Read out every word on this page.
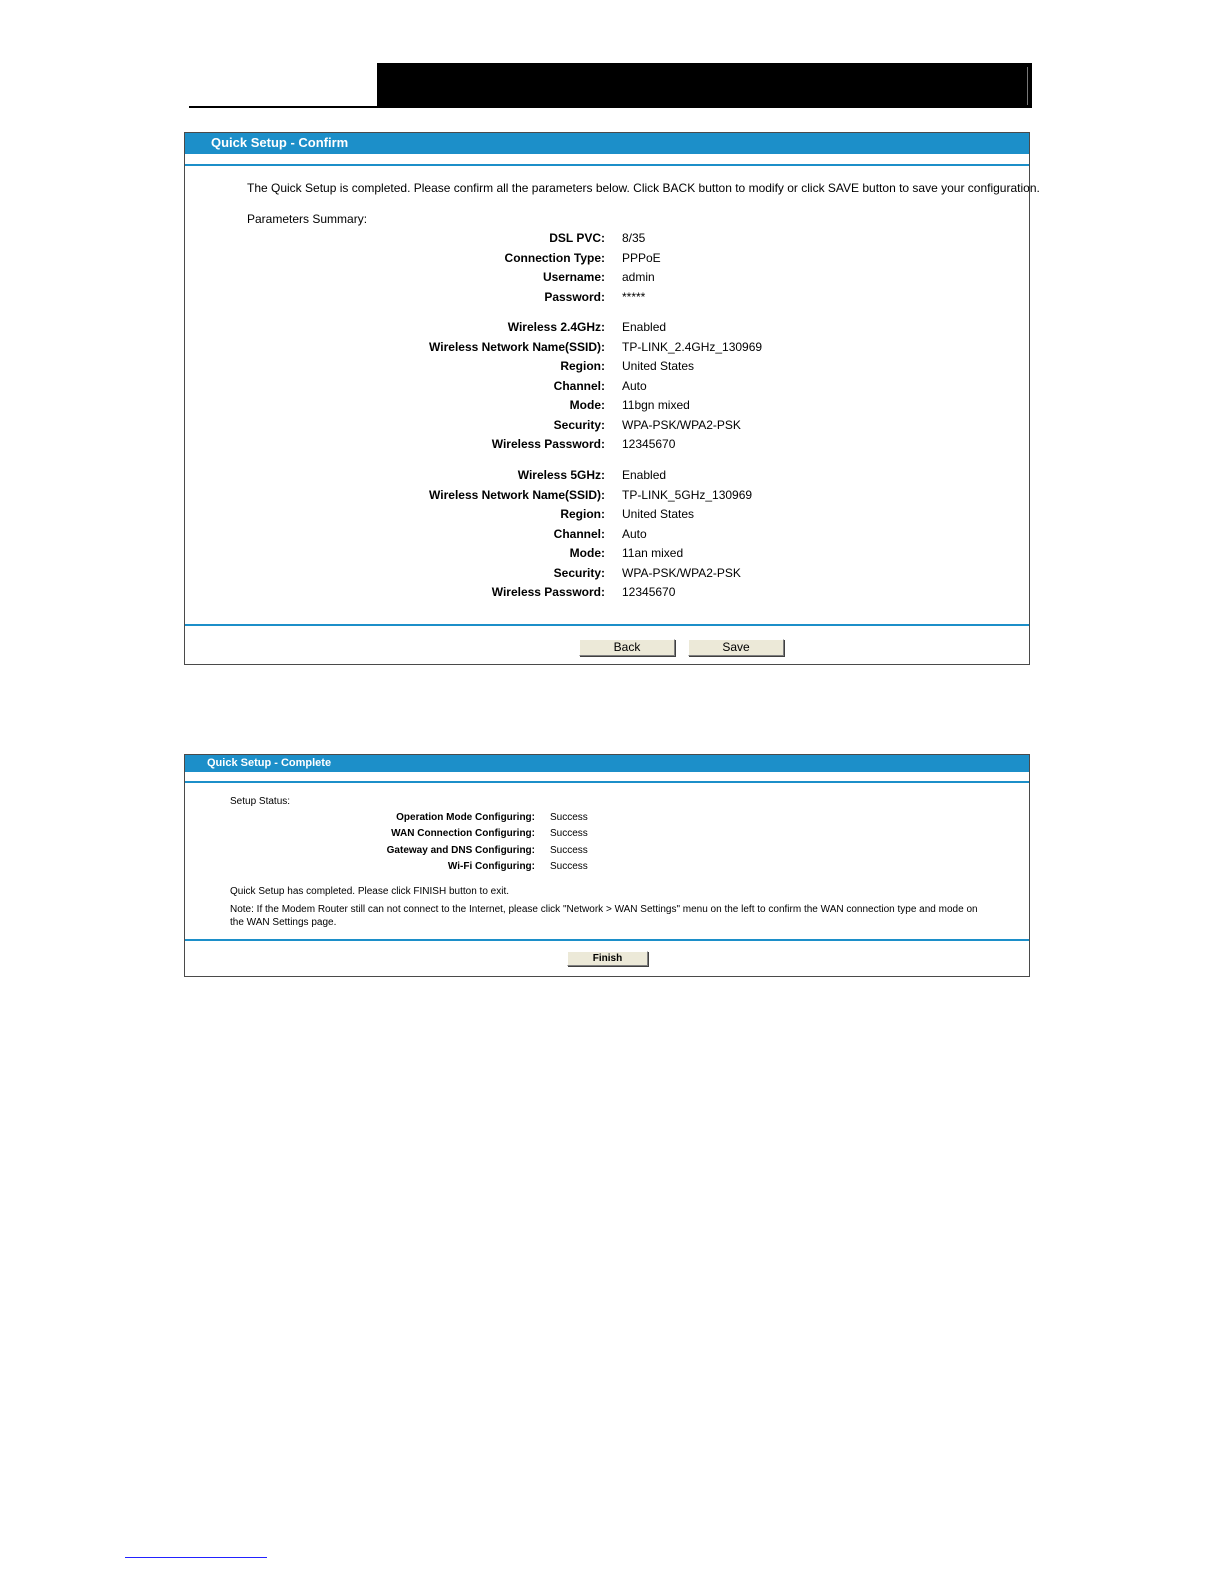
Quick Setup - Confirm
The Quick Setup is completed. Please confirm all the parameters below. Click BACK button to modify or click SAVE button to save your configuration.
Parameters Summary:
DSL PVC: 8/35
Connection Type: PPPoE
Username: admin
Password: *****
Wireless 2.4GHz: Enabled
Wireless Network Name(SSID): TP-LINK_2.4GHz_130969
Region: United States
Channel: Auto
Mode: 11bgn mixed
Security: WPA-PSK/WPA2-PSK
Wireless Password: 12345670
Wireless 5GHz: Enabled
Wireless Network Name(SSID): TP-LINK_5GHz_130969
Region: United States
Channel: Auto
Mode: 11an mixed
Security: WPA-PSK/WPA2-PSK
Wireless Password: 12345670
Back	Save
Quick Setup - Complete
Setup Status:
Operation Mode Configuring: Success
WAN Connection Configuring: Success
Gateway and DNS Configuring: Success
Wi-Fi Configuring: Success
Quick Setup has completed. Please click FINISH button to exit.
Note: If the Modem Router still can not connect to the Internet, please click "Network > WAN Settings" menu on the left to confirm the WAN connection type and mode on the WAN Settings page.
Finish
